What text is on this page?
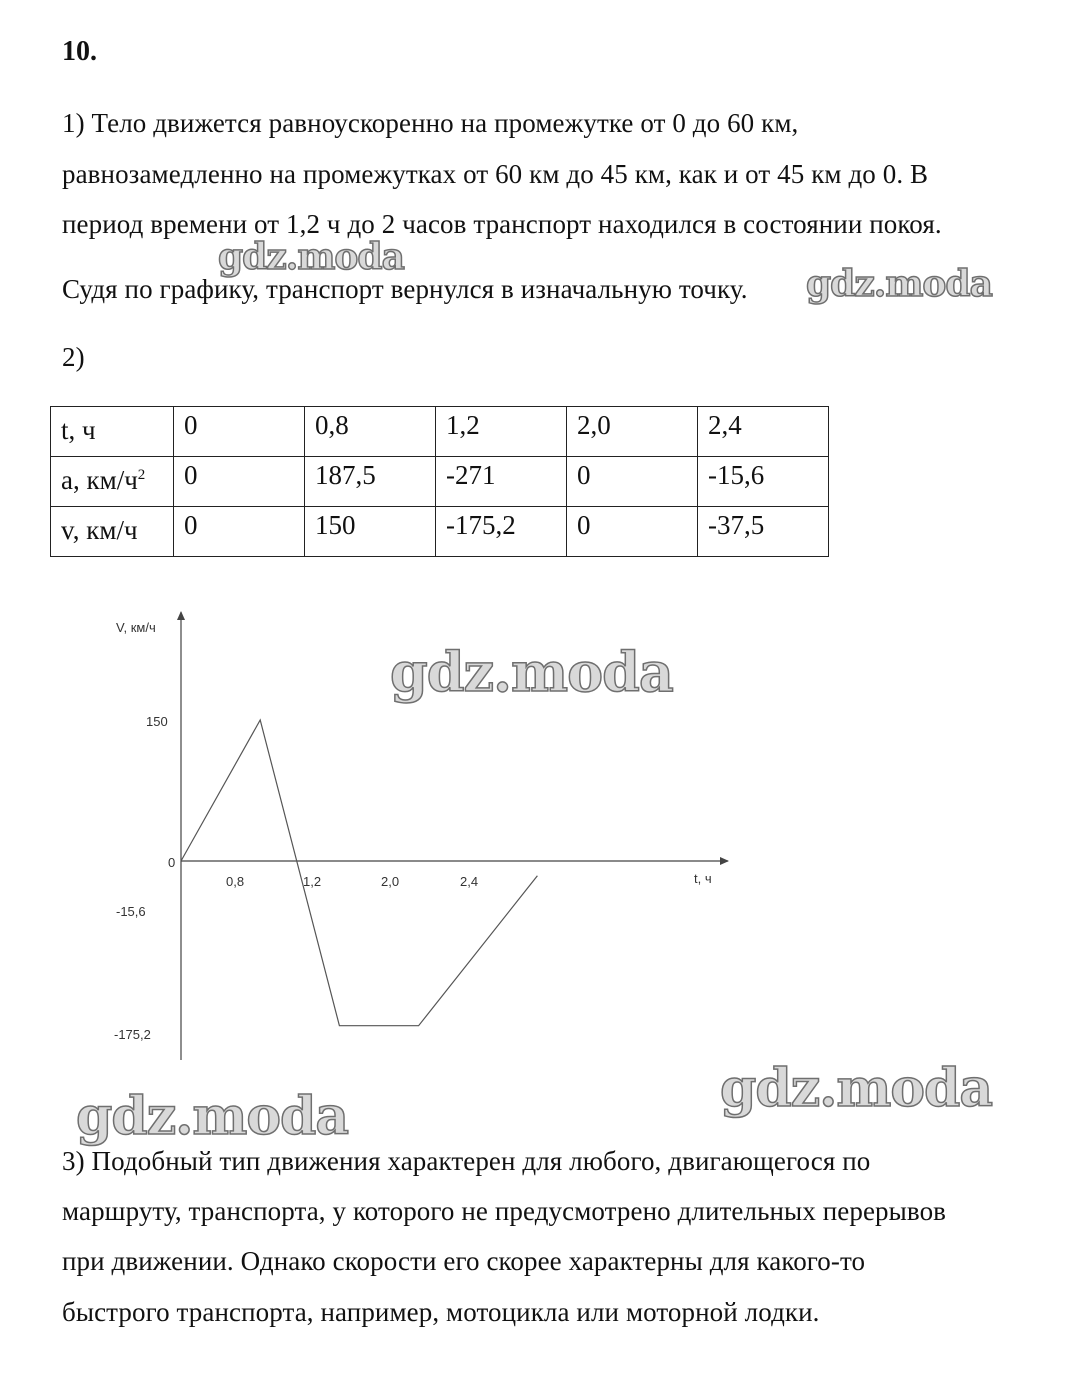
10.
1) Тело движется равноускоренно на промежутке от 0 до 60 км,
равнозамедленно на промежутках от 60 км до 45 км, как и от 45 км до 0. В
период времени от 1,2 ч до 2 часов транспорт находился в состоянии покоя.
Судя по графику, транспорт вернулся в изначальную точку.
gdz.moda
gdz.moda
2)
t, ч	0	0,8	1,2	2,0	2,4
a, $км/ч^2$	0	187,5	-271	0	-15,6
v, км/ч	0	150	-175,2	0	-37,5
V, км/ч
t, ч
150
0
-15,6
-175,2
0,8	1,2	2,0	2,4
gdz.moda
gdz.moda
gdz.moda
3) Подобный тип движения характерен для любого, двигающегося по
маршруту, транспорта, у которого не предусмотрено длительных перерывов
при движении. Однако скорости его скорее характерны для какого-то
быстрого транспорта, например, мотоцикла или моторной лодки.
